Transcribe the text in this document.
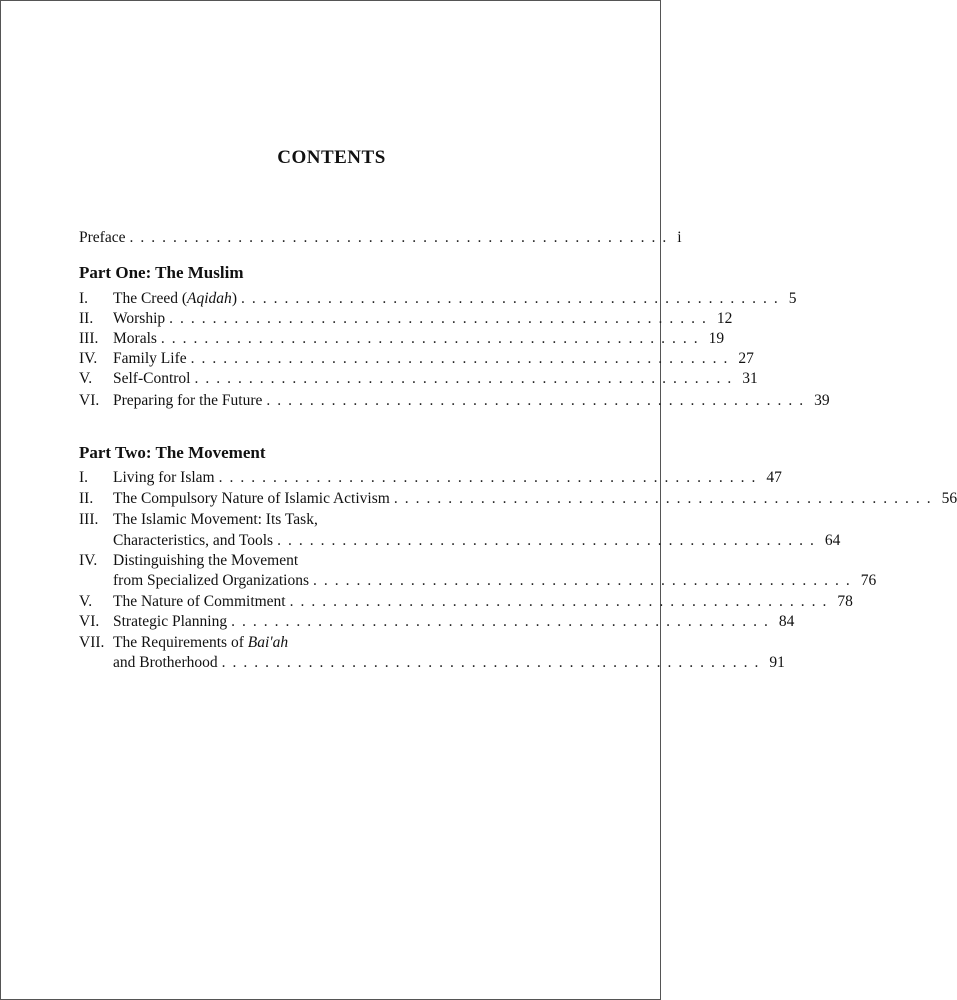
CONTENTS
Preface .................................................. i
Part One: The Muslim
I.	The Creed (Aqidah) .................................................. 5
II.	Worship .................................................. 12
III. Morals .................................................. 19
IV.	Family Life .................................................. 27
V.	Self-Control .................................................. 31
VI. Preparing for the Future .................................................. 39
Part Two: The Movement
I.	Living for Islam .................................................. 47
II.	The Compulsory Nature of Islamic Activism .................................................. 56
III. The Islamic Movement: Its Task,
Characteristics, and Tools .................................................. 64
IV. Distinguishing the Movement
from Specialized Organizations .................................................. 76
V.	The Nature of Commitment .................................................. 78
VI. Strategic Planning .................................................. 84
VII. The Requirements of Bai'ah
and Brotherhood .................................................. 91
